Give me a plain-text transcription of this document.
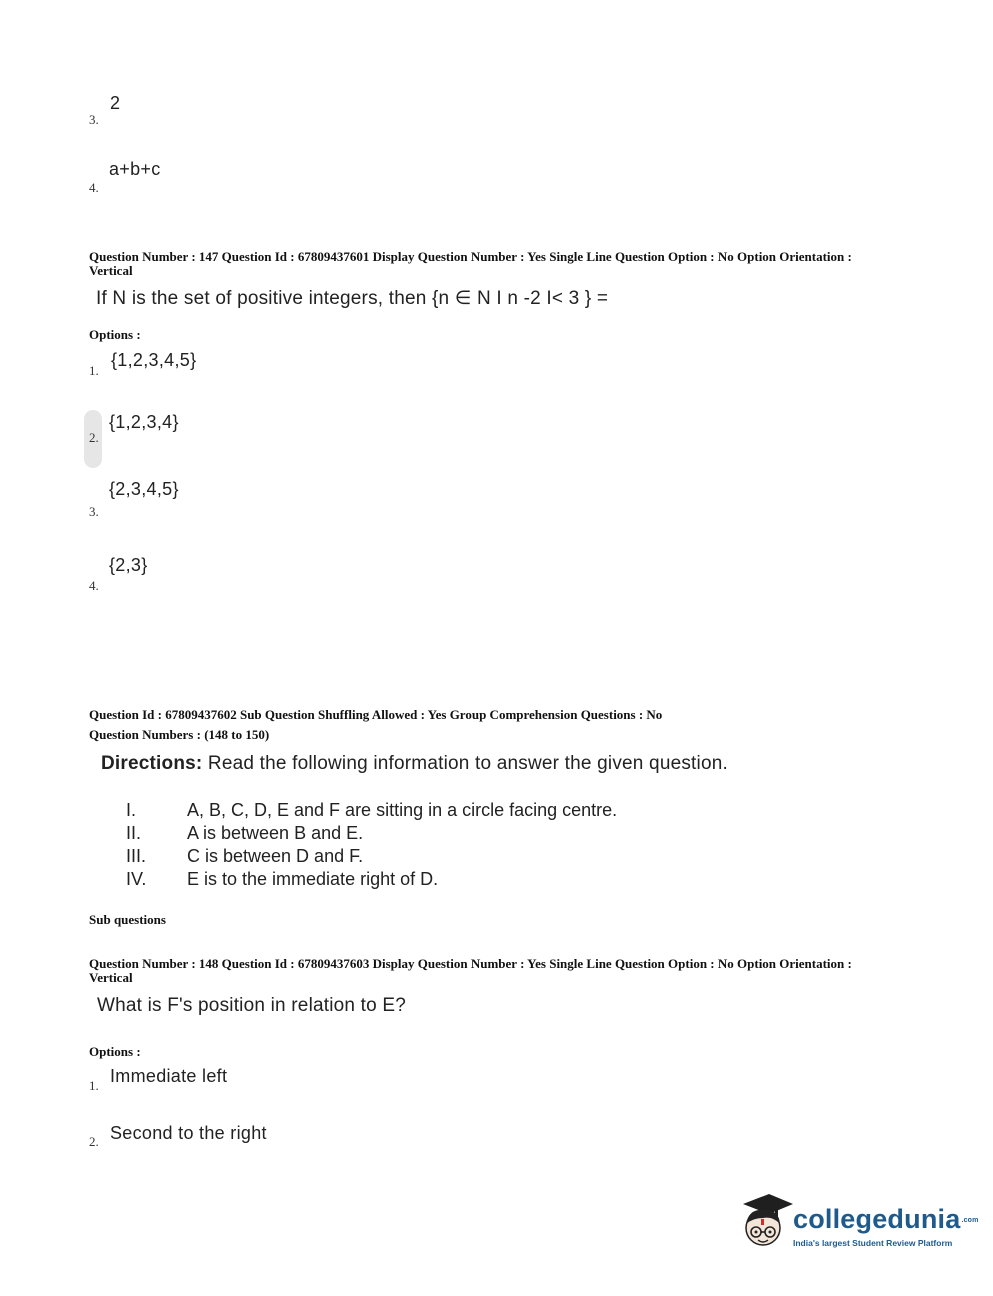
2
3.
a+b+c
4.
Question Number : 147 Question Id : 67809437601 Display Question Number : Yes Single Line Question Option : No Option Orientation : Vertical
If N is the set of positive integers, then {n ∈ N I n -2 I< 3 } =
Options :
{1,2,3,4,5}
1.
{1,2,3,4}
2.
{2,3,4,5}
3.
{2,3}
4.
Question Id : 67809437602 Sub Question Shuffling Allowed : Yes Group Comprehension Questions : No
Question Numbers : (148 to 150)
Directions: Read the following information to answer the given question.
I.	A, B, C, D, E and F are sitting in a circle facing centre.
II.	A is between B and E.
III. C is between D and F.
IV. E is to the immediate right of D.
Sub questions
Question Number : 148 Question Id : 67809437603 Display Question Number : Yes Single Line Question Option : No Option Orientation : Vertical
What is F's position in relation to E?
Options :
Immediate left
1.
Second to the right
2.
collegedunia.com
India's largest Student Review Platform
